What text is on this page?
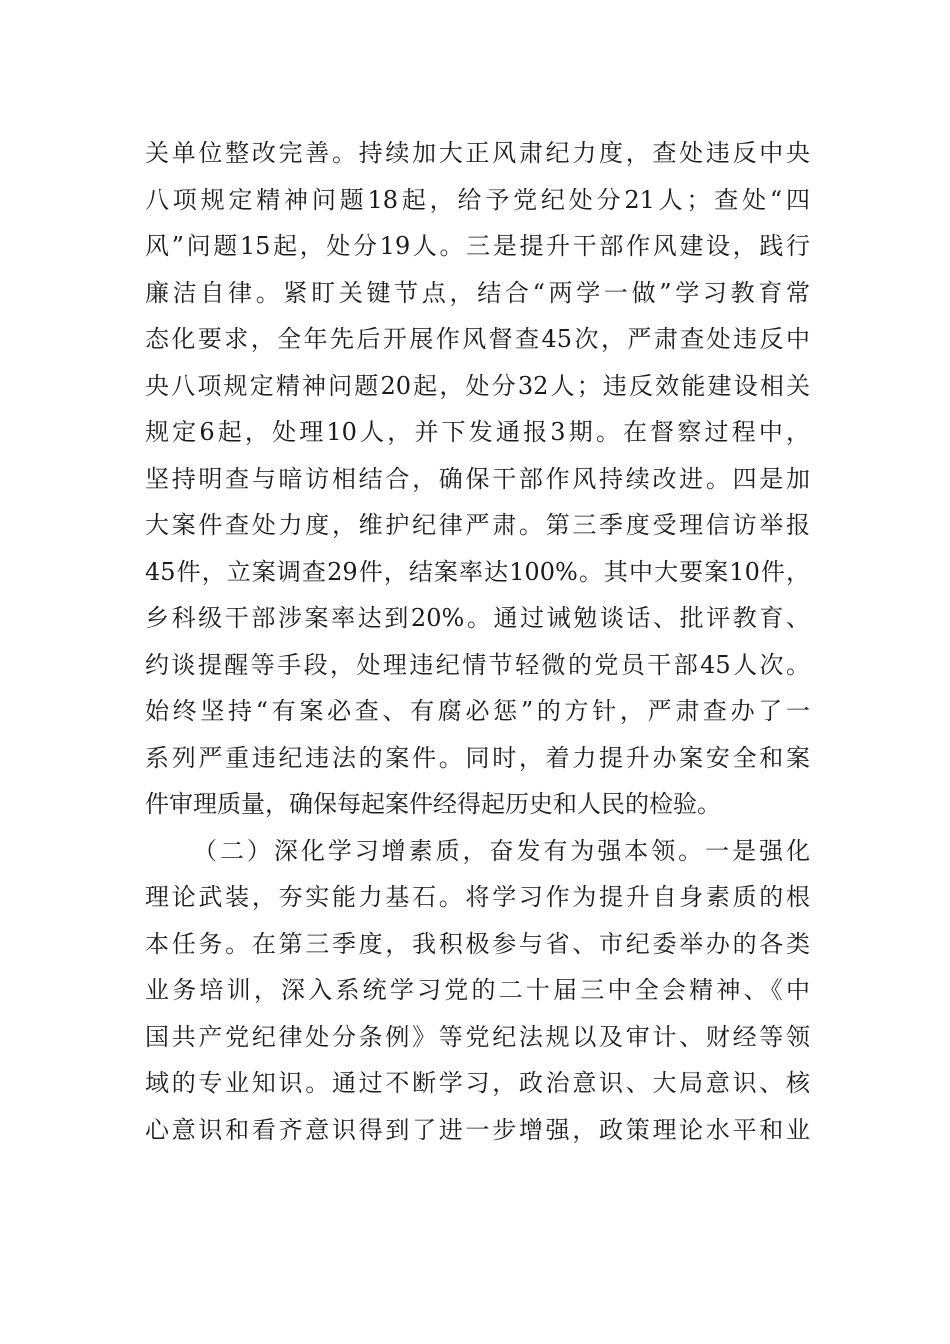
关单位整改完善。持续加大正风肃纪力度，查处违反中央
八项规定精神问题18起，给予党纪处分21人；查处“四
风”问题15起，处分19人。三是提升干部作风建设，践行
廉洁自律。紧盯关键节点，结合“两学一做”学习教育常
态化要求，全年先后开展作风督查45次，严肃查处违反中
央八项规定精神问题20起，处分32人；违反效能建设相关
规定6起，处理10人，并下发通报3期。在督察过程中，
坚持明查与暗访相结合，确保干部作风持续改进。四是加
大案件查处力度，维护纪律严肃。第三季度受理信访举报
45件，立案调查29件，结案率达100%。其中大要案10件，
乡科级干部涉案率达到20%。通过诫勉谈话、批评教育、
约谈提醒等手段，处理违纪情节轻微的党员干部45人次。
始终坚持“有案必查、有腐必惩”的方针，严肃查办了一
系列严重违纪违法的案件。同时，着力提升办案安全和案
件审理质量，确保每起案件经得起历史和人民的检验。
（二）深化学习增素质，奋发有为强本领。一是强化
理论武装，夯实能力基石。将学习作为提升自身素质的根
本任务。在第三季度，我积极参与省、市纪委举办的各类
业务培训，深入系统学习党的二十届三中全会精神、《中
国共产党纪律处分条例》等党纪法规以及审计、财经等领
域的专业知识。通过不断学习，政治意识、大局意识、核
心意识和看齐意识得到了进一步增强，政策理论水平和业
